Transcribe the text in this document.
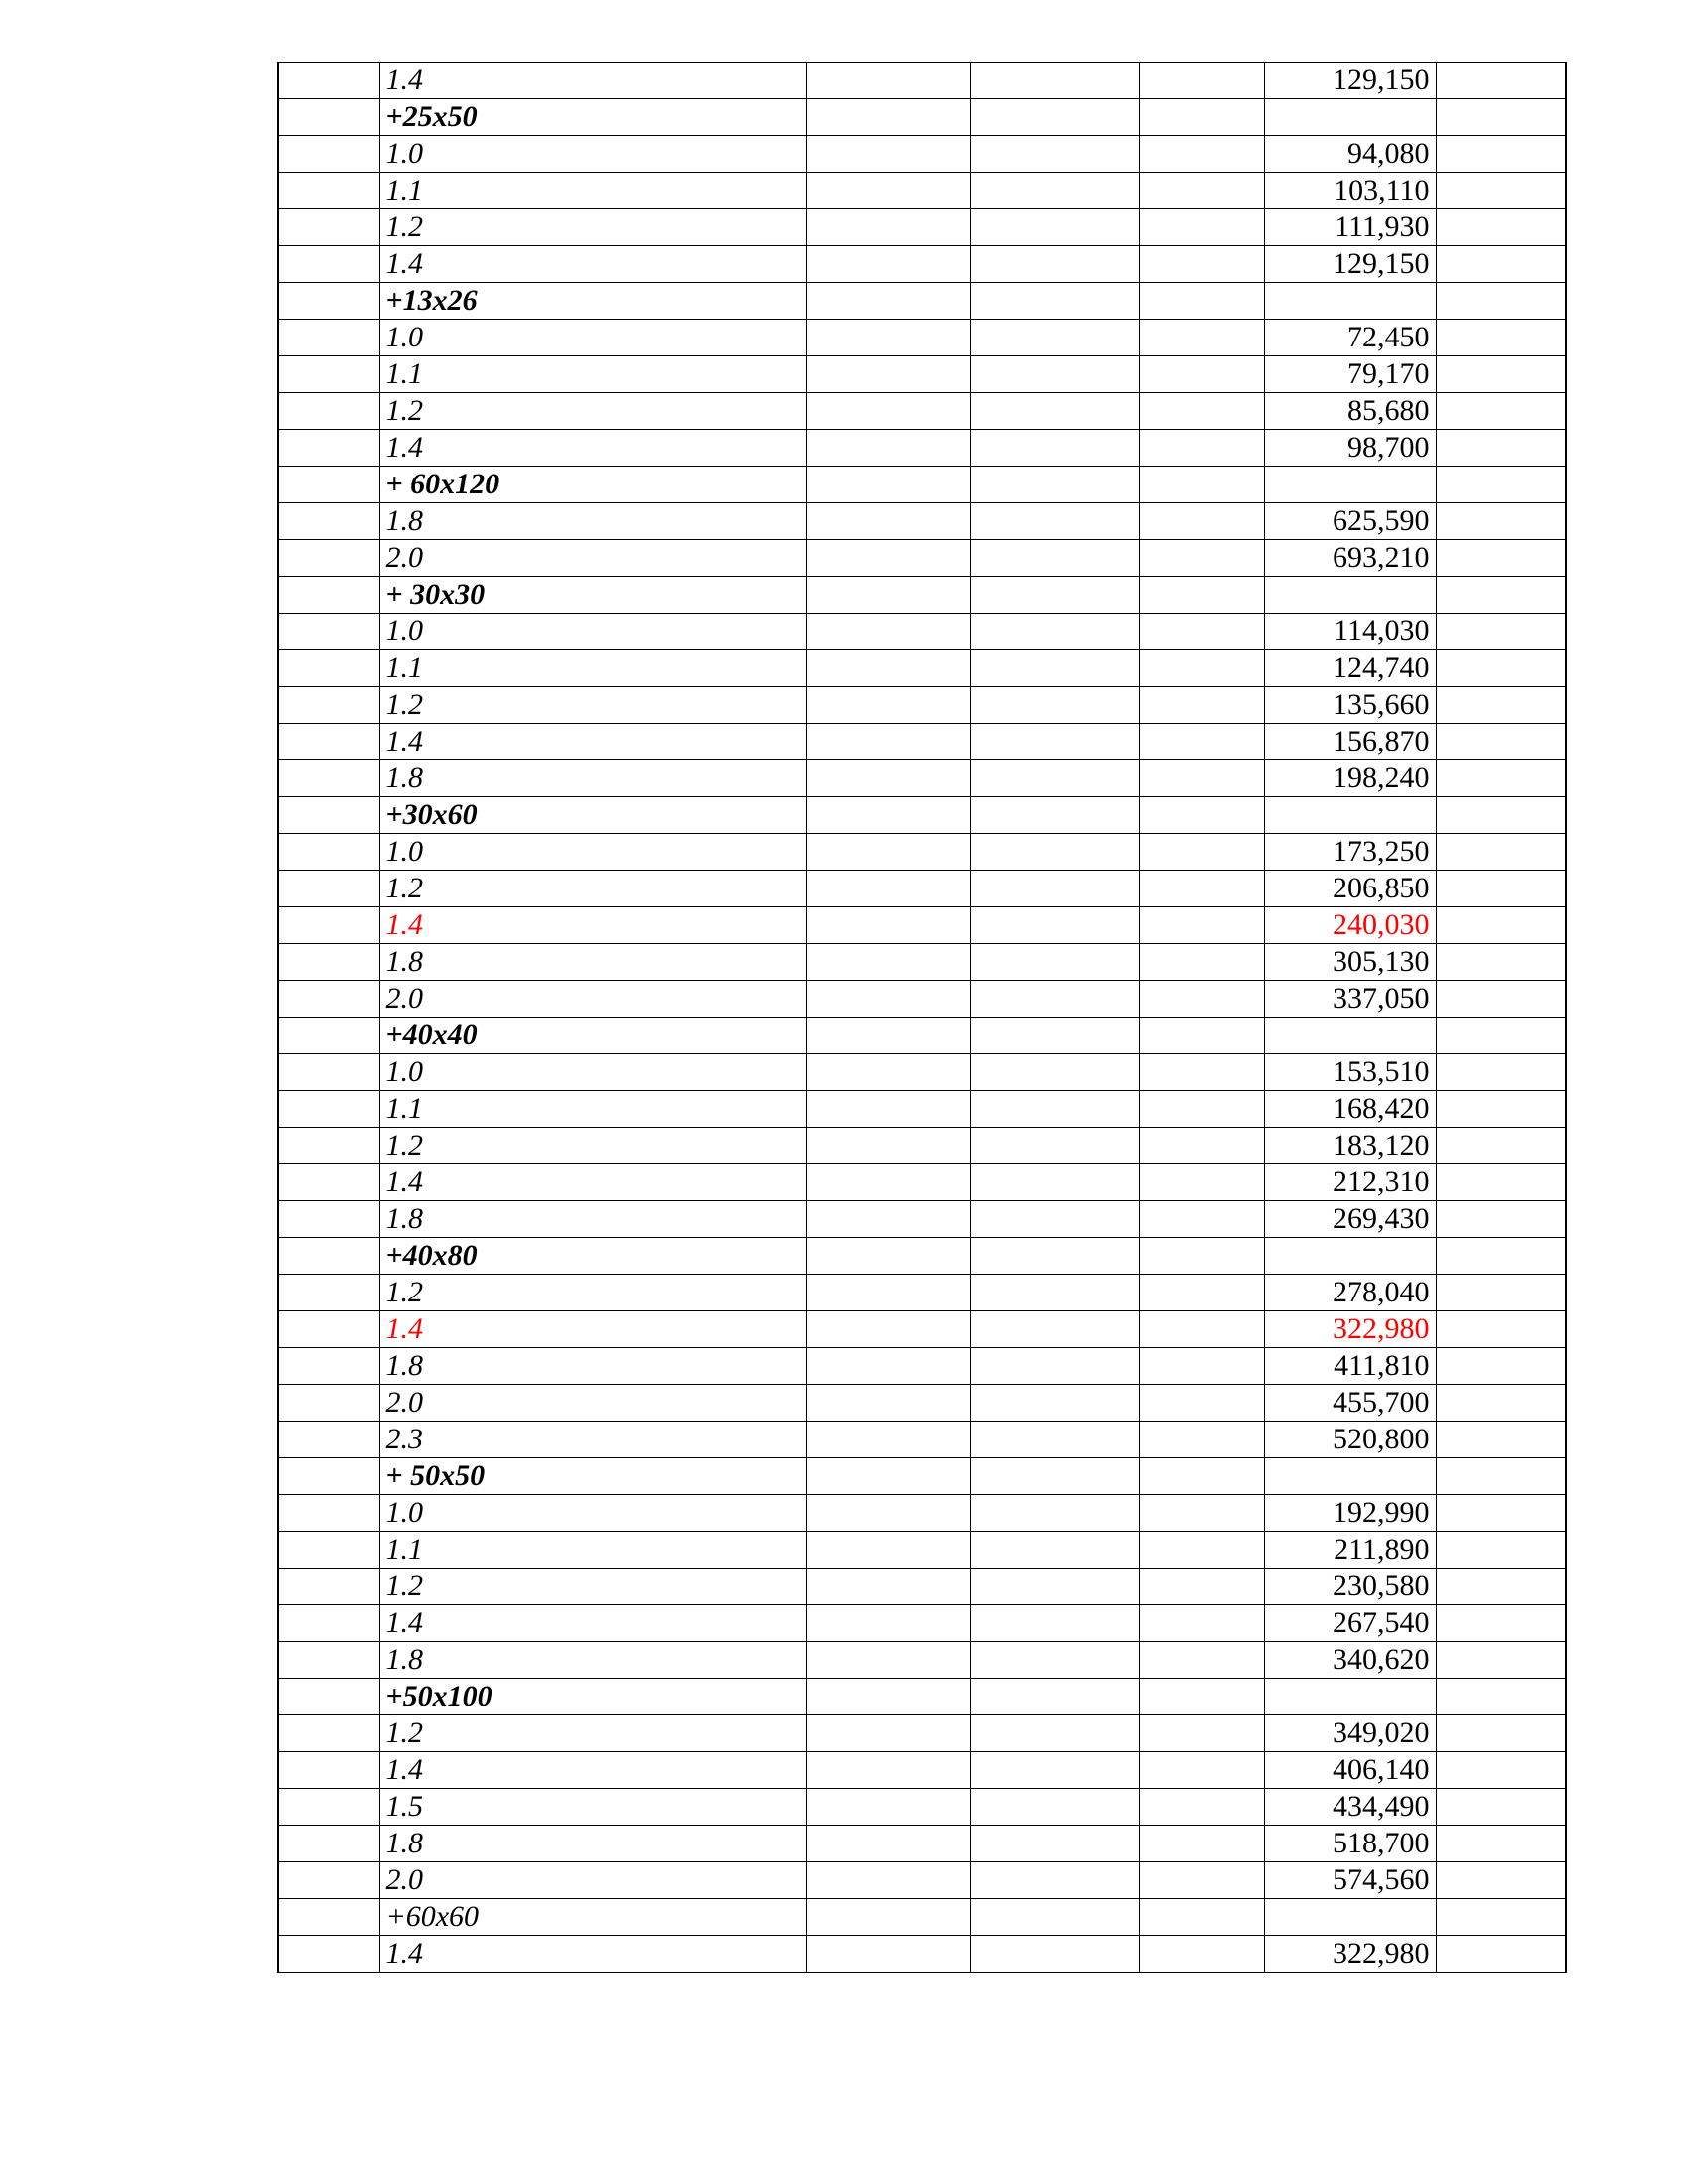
	1.4				129,150	
	+25x50					
	1.0				94,080	
	1.1				103,110	
	1.2				111,930	
	1.4				129,150	
	+13x26					
	1.0				72,450	
	1.1				79,170	
	1.2				85,680	
	1.4				98,700	
	+ 60x120					
	1.8				625,590	
	2.0				693,210	
	+ 30x30					
	1.0				114,030	
	1.1				124,740	
	1.2				135,660	
	1.4				156,870	
	1.8				198,240	
	+30x60					
	1.0				173,250	
	1.2				206,850	
	1.4				240,030	
	1.8				305,130	
	2.0				337,050	
	+40x40					
	1.0				153,510	
	1.1				168,420	
	1.2				183,120	
	1.4				212,310	
	1.8				269,430	
	+40x80					
	1.2				278,040	
	1.4				322,980	
	1.8				411,810	
	2.0				455,700	
	2.3				520,800	
	+ 50x50					
	1.0				192,990	
	1.1				211,890	
	1.2				230,580	
	1.4				267,540	
	1.8				340,620	
	+50x100					
	1.2				349,020	
	1.4				406,140	
	1.5				434,490	
	1.8				518,700	
	2.0				574,560	
	+60x60					
	1.4				322,980	
